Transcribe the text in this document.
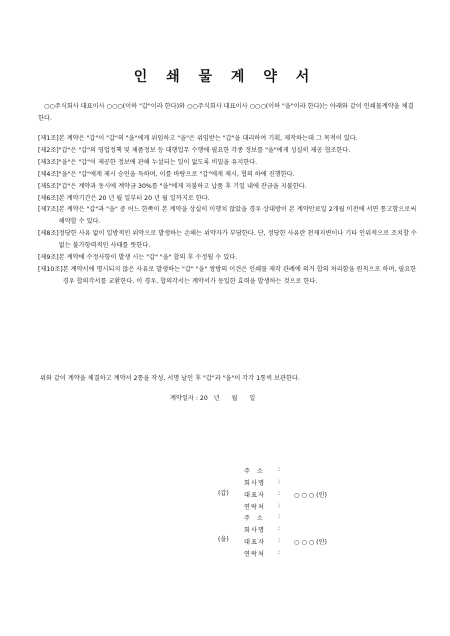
인 쇄 물 계 약 서

○○주식회사 대표이사 ○○○(이하 "갑"이라 한다)와 ○○주식회사 대표이사 ○○○(이하 "을"이라 한다)는 아래와 같이 인쇄물계약을 체결한다.

[제1조] 본 계약은 "갑"이 "갑"의 "을"에게 위임하고 "을"은 위임받는 "갑"을 대리하여 기획, 제작하는데 그 목적이 있다.
[제2조] "갑"은 "갑"의 영업정책 및 제품정보 등 대행업무 수행에 필요한 각종 정보를 "을"에게 성실히 제공 협조한다.
[제3조] "을"은 "갑"이 제공한 정보에 관해 누설되는 일이 없도록 비밀을 유지한다.
[제4조] "을"은 "갑"에게 제시 승인을 득하며, 이를 바탕으로 "갑"에게 제시, 협의 하에 진행한다.
[제5조] "갑"은 계약과 동시에 계약금 30%를 "을"에게 지불하고 납품 후 기일 내에 잔금을 지불한다.
[제6조] 본 계약기간은 20 년 월 일부터 20 년 월 일까지로 한다.
[제7조] 본 계약은 "갑"과 "을" 중 어느 한쪽이 본 계약을 상실히 이행치 않았을 경우 상대방이 본 계약만료일 2개월 이전에 서면 통고함으로써 해약할 수 있다.
[제8조] 정당한 사유 없이 일방적인 위약으로 발생하는 손해는 위약자가 부담한다. 단, 정당한 사유란 천재지변이나 기타 인위적으로 조치할 수 없는 불가항력적인 사태를 뜻한다.
[제9조] 본 계약에 수정사항이 발생 시는 "갑" "을" 합의 후 수정될 수 있다.
[제10조] 본 계약서에 명시되지 않은 사유로 발생하는 "갑" "을" 쌍방의 이견은 인쇄물 제작 관례에 의거 합의 처리함을 원칙으로 하며, 필요한 경우 합의각서를 교환한다. 이 경우, 합의각서는 계약서가 동일한 효력을 발생하는 것으로 한다.
위와 같이 계약을 체결하고 계약서 2통을 작성, 서명 날인 후 "갑"과 "을"이 각각 1통씩 보관한다.
계약일자 : 20   년      월      일
(갑)
주  소	:
회사명	:
대표자	: ○ ○ ○ (인)
연락처	:
(을)
주  소	:
회사명	:
대표자	: ○ ○ ○ (인)
연락처	:
